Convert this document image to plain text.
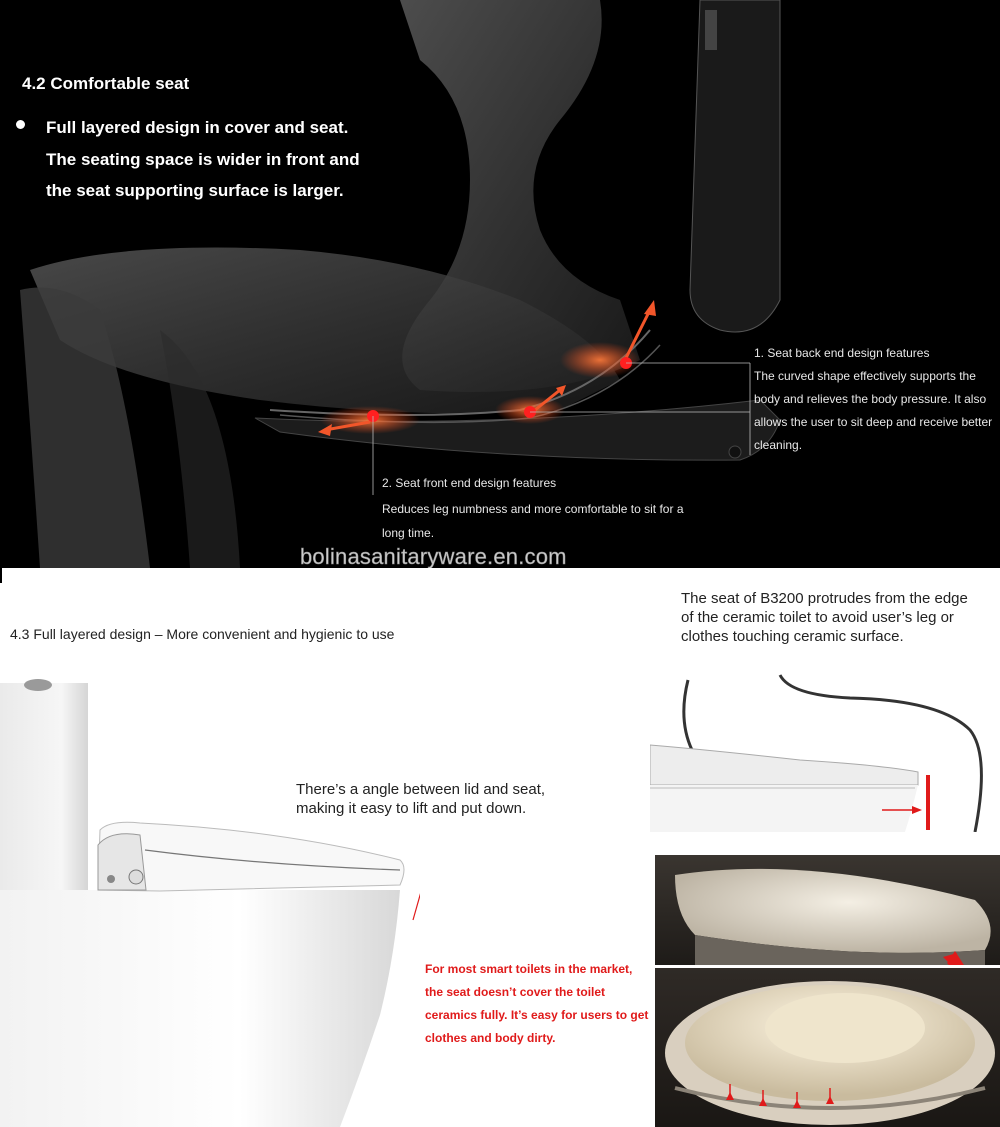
4.2 Comfortable seat
Full layered design in cover and seat. The seating space is wider in front and the seat supporting surface is larger.
1. Seat back end design features
The curved shape effectively supports the body and relieves the body pressure. It also allows the user to sit deep and receive better cleaning.
2. Seat front end design features
Reduces leg numbness and more comfortable to sit for a long time.
bolinasanitaryware.en.com
4.3 Full layered design – More convenient and hygienic to use
There’s a angle between lid and seat, making it easy to lift and put down.
For most smart toilets in the market, the seat doesn’t cover the toilet ceramics fully. It’s easy for users to get clothes and body dirty.
The seat of B3200 protrudes from the edge of the ceramic toilet to avoid user’s leg or clothes touching ceramic surface.
